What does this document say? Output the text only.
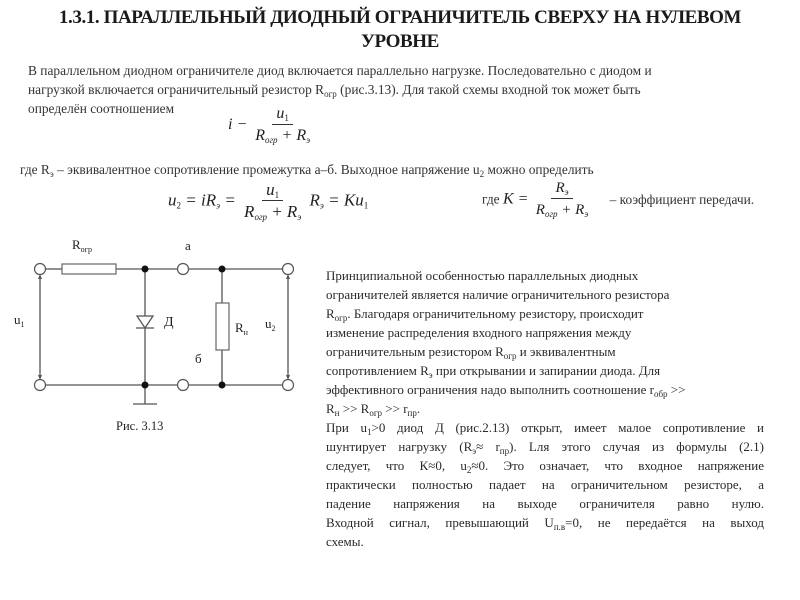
1.3.1. ПАРАЛЛЕЛЬНЫЙ ДИОДНЫЙ ОГРАНИЧИТЕЛЬ СВЕРХУ НА НУЛЕВОМ
УРОВНЕ
В параллельном диодном ограничителе диод включается параллельно нагрузке. Последовательно с диодом и
нагрузкой включается ограничительный резистор $R_{огр}$ (рис.3.13). Для такой схемы входной ток может быть
определён соотношением
$i - \frac{u_1}{R_{огр} + R_э}$
где $R_э$ – эквивалентное сопротивление промежутка а–б. Выходное напряжение $u_2$ можно определить
$u_2 = iR_э = \frac{u_1}{R_{огр} + R_э} R_э = Ku_1$	где $K = \frac{R_э}{R_{огр} + R_э}$ – коэффициент передачи.
$R_{огр}$	а
б
Д	$R_н$
$u_1$	$u_2$
Рис. 3.13
Принципиальной особенностью параллельных диодных
ограничителей является наличие ограничительного резистора
$R_{огр}$. Благодаря ограничительному резистору, происходит
изменение распределения входного напряжения между
ограничительным резистором $R_{огр}$ и эквивалентным
сопротивлением $R_э$ при открывании и запирании диода. Для
эффективного ограничения надо выполнить соотношение $r_{обр}$ >>
$R_н >> R_{огр} >> r_{пр}$.
При $u_1>0$ диод Д (рис.2.13) открыт, имеет малое сопротивление и
шунтирует нагрузку $(R_э\approx r_{пр})$. Lля этого случая из формулы (2.1)
следует, что К≈0, $u_2\approx 0$. Это означает, что входное напряжение
практически полностью падает на ограничительном резисторе, а
падение напряжения на выходе ограничителя равно нулю.
Входной сигнал, превышающий $U_{п.в}=0$, не передаётся на выход
схемы.
